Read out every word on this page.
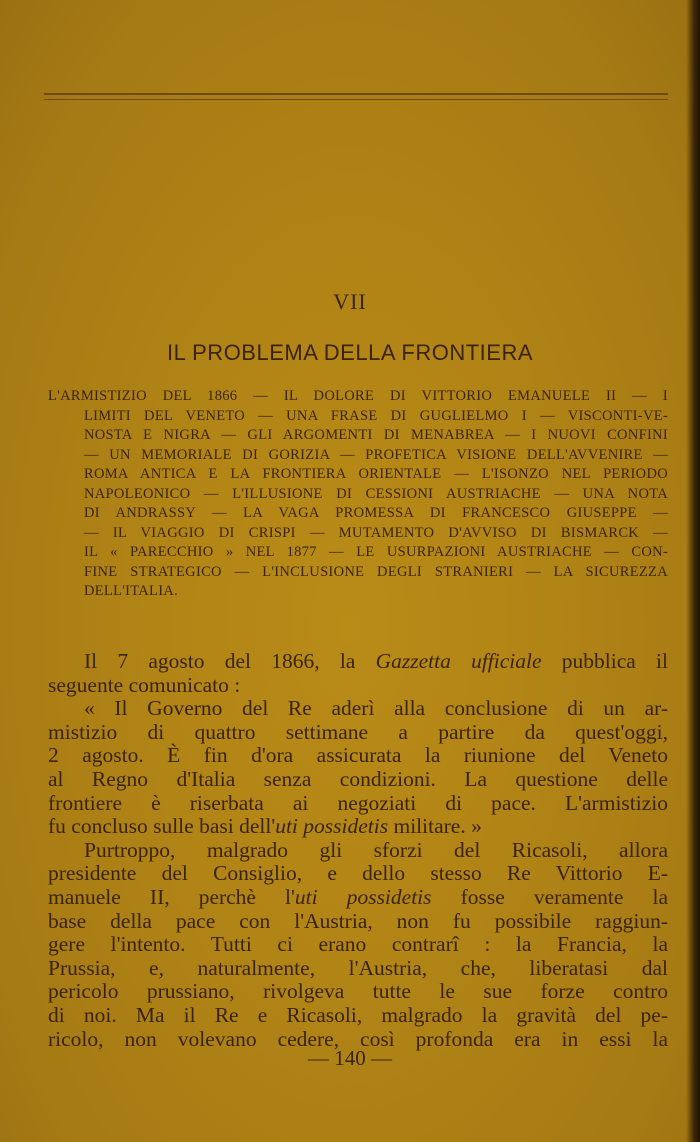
VII
IL PROBLEMA DELLA FRONTIERA
L'ARMISTIZIO DEL 1866 — IL DOLORE DI VITTORIO EMANUELE II — I
LIMITI DEL VENETO — UNA FRASE DI GUGLIELMO I — VISCONTI-VE-
NOSTA E NIGRA — GLI ARGOMENTI DI MENABREA — I NUOVI CONFINI
— UN MEMORIALE DI GORIZIA — PROFETICA VISIONE DELL'AVVENIRE —
ROMA ANTICA E LA FRONTIERA ORIENTALE — L'ISONZO NEL PERIODO
NAPOLEONICO — L'ILLUSIONE DI CESSIONI AUSTRIACHE — UNA NOTA
DI ANDRASSY — LA VAGA PROMESSA DI FRANCESCO GIUSEPPE —
— IL VIAGGIO DI CRISPI — MUTAMENTO D'AVVISO DI BISMARCK —
IL « PARECCHIO » NEL 1877 — LE USURPAZIONI AUSTRIACHE — CON-
FINE STRATEGICO — L'INCLUSIONE DEGLI STRANIERI — LA SICUREZZA
DELL'ITALIA.
Il 7 agosto del 1866, la Gazzetta ufficiale pubblica il
seguente comunicato :
« Il Governo del Re aderì alla conclusione di un ar-
mistizio di quattro settimane a partire da quest'oggi,
2 agosto. È fin d'ora assicurata la riunione del Veneto
al Regno d'Italia senza condizioni. La questione delle
frontiere è riserbata ai negoziati di pace. L'armistizio
fu concluso sulle basi dell'uti possidetis militare. »
Purtroppo, malgrado gli sforzi del Ricasoli, allora
presidente del Consiglio, e dello stesso Re Vittorio E-
manuele II, perchè l'uti possidetis fosse veramente la
base della pace con l'Austria, non fu possibile raggiun-
gere l'intento. Tutti ci erano contrarî : la Francia, la
Prussia, e, naturalmente, l'Austria, che, liberatasi dal
pericolo prussiano, rivolgeva tutte le sue forze contro
di noi. Ma il Re e Ricasoli, malgrado la gravità del pe-
ricolo, non volevano cedere, così profonda era in essi la
— 140 —
